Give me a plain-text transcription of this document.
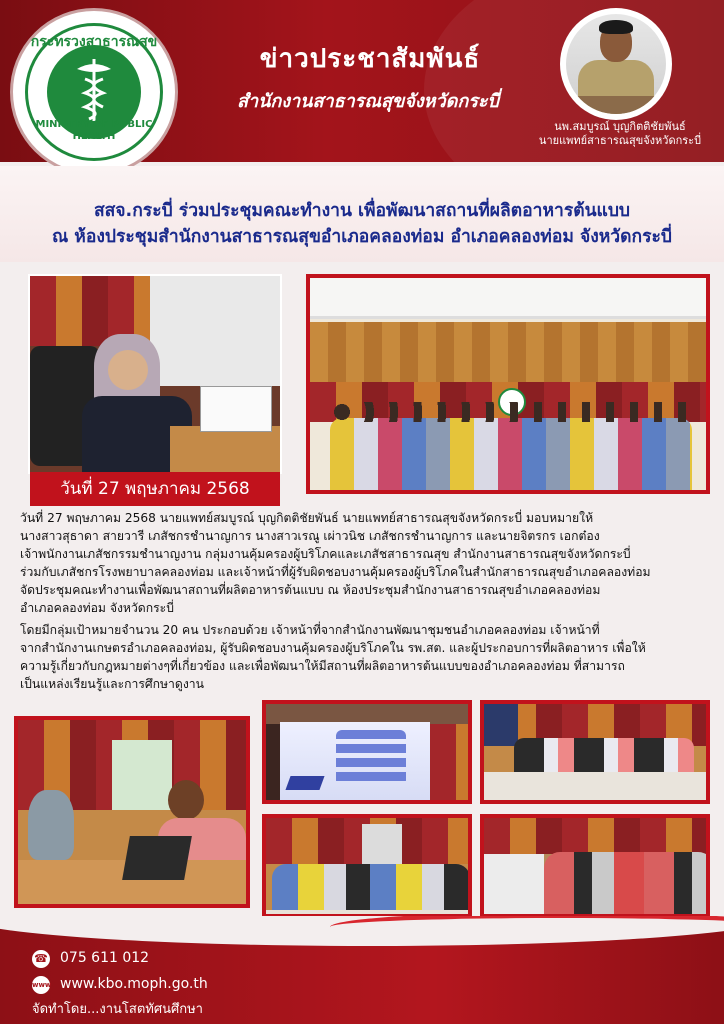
ข่าวประชาสัมพันธ์
สำนักงานสาธารณสุขจังหวัดกระบี่
นพ.สมบูรณ์ บุญกิตติชัยพันธ์
นายแพทย์สาธารณสุขจังหวัดกระบี่
กระทรวงสาธารณสุข
MINISTRY OF PUBLIC HEALTH
สสจ.กระบี่ ร่วมประชุมคณะทำงาน เพื่อพัฒนาสถานที่ผลิตอาหารต้นแบบ
ณ ห้องประชุมสำนักงานสาธารณสุขอำเภอคลองท่อม อำเภอคลองท่อม จังหวัดกระบี่
วันที่ 27 พฤษภาคม 2568
วันที่ 27 พฤษภาคม 2568 นายแพทย์สมบูรณ์ บุญกิตติชัยพันธ์ นายแพทย์สาธารณสุขจังหวัดกระบี่ มอบหมายให้
นางสาวสุธาดา สายวารี เภสัชกรชำนาญการ นางสาวเรณู เผ่าวนิช เภสัชกรชำนาญการ และนายจิตรกร เอกต๋อง
เจ้าพนักงานเภสัชกรรมชำนาญงาน กลุ่มงานคุ้มครองผู้บริโภคและเภสัชสาธารณสุข สำนักงานสาธารณสุขจังหวัดกระบี่
ร่วมกับเภสัชกรโรงพยาบาลคลองท่อม และเจ้าหน้าที่ผู้รับผิดชอบงานคุ้มครองผู้บริโภคในสำนักสาธารณสุขอำเภอคลองท่อม
จัดประชุมคณะทำงานเพื่อพัฒนาสถานที่ผลิตอาหารต้นแบบ ณ ห้องประชุมสำนักงานสาธารณสุขอำเภอคลองท่อม
อำเภอคลองท่อม จังหวัดกระบี่
โดยมีกลุ่มเป้าหมายจำนวน 20 คน ประกอบด้วย เจ้าหน้าที่จากสำนักงานพัฒนาชุมชนอำเภอคลองท่อม เจ้าหน้าที่
จากสำนักงานเกษตรอำเภอคลองท่อม, ผู้รับผิดชอบงานคุ้มครองผู้บริโภคใน รพ.สต. และผู้ประกอบการที่ผลิตอาหาร เพื่อให้
ความรู้เกี่ยวกับกฎหมายต่างๆที่เกี่ยวข้อง และเพื่อพัฒนาให้มีสถานที่ผลิตอาหารต้นแบบของอำเภอคลองท่อม ที่สามารถ
เป็นแหล่งเรียนรู้และการศึกษาดูงาน
☎ 075 611 012
www www.kbo.moph.go.th
จัดทำโดย...งานโสตทัศนศึกษา
